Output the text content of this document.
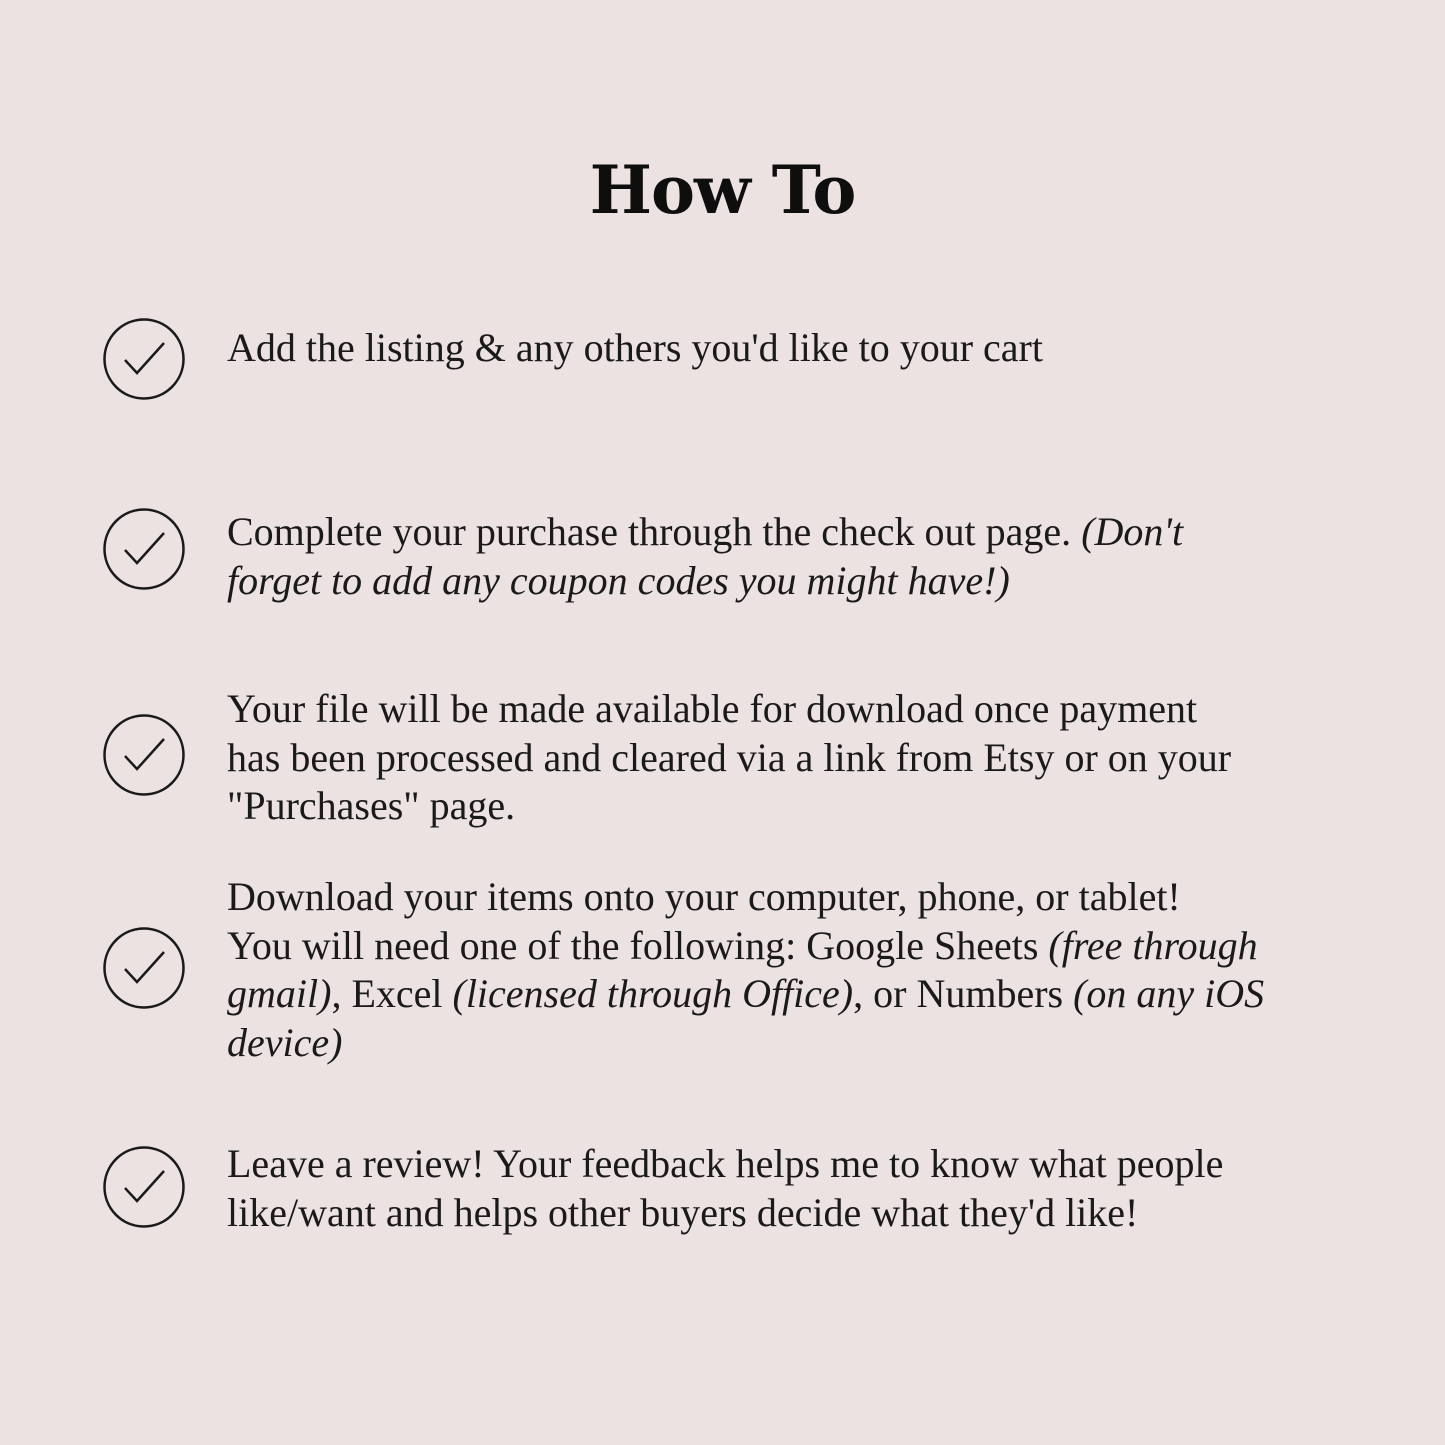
How To
Add the listing & any others you'd like to your cart
Complete your purchase through the check out page. (Don't
forget to add any coupon codes you might have!)
Your file will be made available for download once payment
has been processed and cleared via a link from Etsy or on your
"Purchases" page.
Download your items onto your computer, phone, or tablet!
You will need one of the following: Google Sheets (free through
gmail), Excel (licensed through Office), or Numbers (on any iOS
device)
Leave a review! Your feedback helps me to know what people
like/want and helps other buyers decide what they'd like!
